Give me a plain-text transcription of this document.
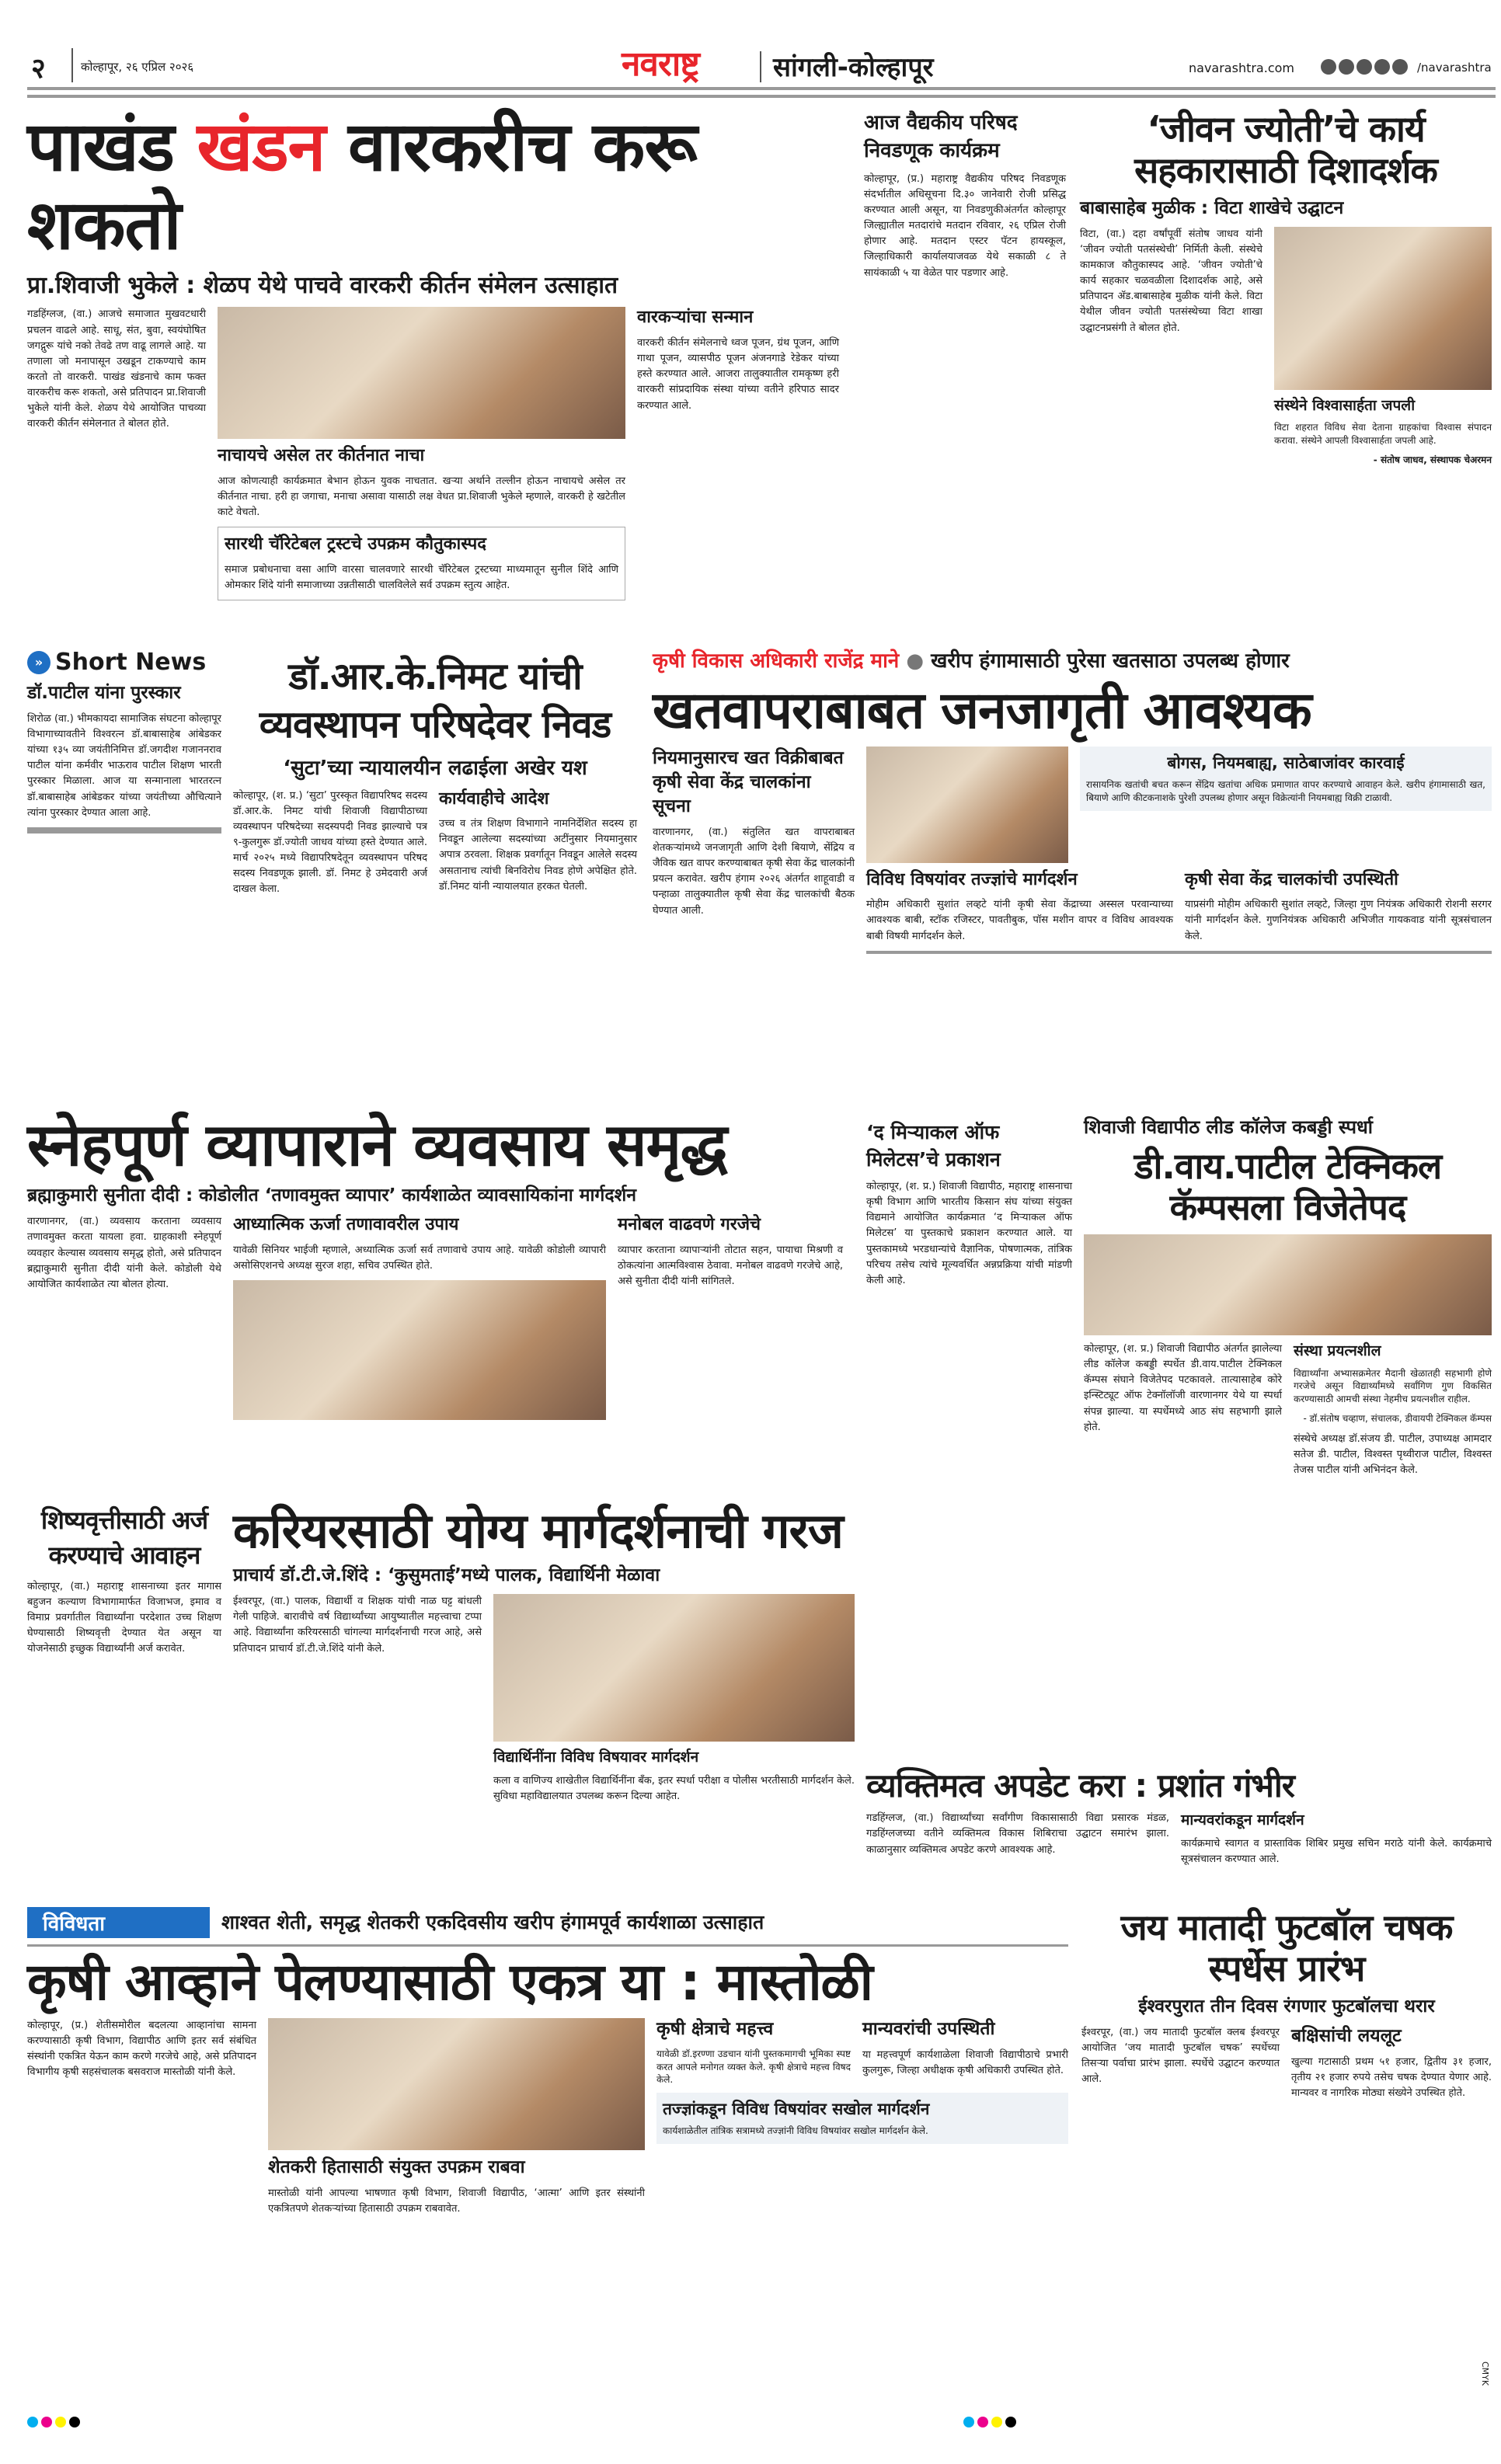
२	कोल्हापूर, २६ एप्रिल २०२६	नवराष्ट्र	सांगली-कोल्हापूर	navarashtra.com	/navarashtra
पाखंड खंडन वारकरीच करू शकतो
प्रा.शिवाजी भुकेले : शेळप येथे पाचवे वारकरी कीर्तन संमेलन उत्साहात
गडहिंग्लज, (वा.) आजचे समाजात मुखवटधारी प्रचलन वाढले आहे. साधू, संत, बुवा, स्वयंघोषित जगद्गुरू यांचे नको तेवढे तण वाढू लागले आहे. या तणाला जो मनापासून उखडून टाकण्याचे काम करतो तो वारकरी. पाखंड खंडनाचे काम फक्त वारकरीच करू शकतो, असे प्रतिपादन प्रा.शिवाजी भुकेले यांनी केले. शेळप येथे आयोजित पाचव्या वारकरी कीर्तन संमेलनात ते बोलत होते.
नाचायचे असेल तर कीर्तनात नाचा
आज कोणत्याही कार्यक्रमात बेभान होऊन युवक नाचतात. खऱ्या अर्थाने तल्लीन होऊन नाचायचे असेल तर कीर्तनात नाचा. हरी हा जगाचा, मनाचा असावा यासाठी लक्ष वेधत प्रा.शिवाजी भुकेले म्हणाले, वारकरी हे खटेतील काटे वेचतो.
सारथी चॅरिटेबल ट्रस्टचे उपक्रम कौतुकास्पद
समाज प्रबोधनाचा वसा आणि वारसा चालवणारे सारथी चॅरिटेबल ट्रस्टच्या माध्यमातून सुनील शिंदे आणि ओमकार शिंदे यांनी समाजाच्या उन्नतीसाठी चालविलेले सर्व उपक्रम स्तुत्य आहेत.
वारकऱ्यांचा सन्मान
वारकरी कीर्तन संमेलनाचे ध्वज पूजन, ग्रंथ पूजन, आणि गाथा पूजन, व्यासपीठ पूजन अंजनगाडे रेडेकर यांच्या हस्ते करण्यात आले. आजरा तालुक्यातील रामकृष्ण हरी वारकरी सांप्रदायिक संस्था यांच्या वतीने हरिपाठ सादर करण्यात आले.
आज वैद्यकीय परिषद निवडणूक कार्यक्रम
कोल्हापूर, (प्र.) महाराष्ट्र वैद्यकीय परिषद निवडणूक संदर्भातील अधिसूचना दि.३० जानेवारी रोजी प्रसिद्ध करण्यात आली असून, या निवडणुकीअंतर्गत कोल्हापूर जिल्ह्यातील मतदारांचे मतदान रविवार, २६ एप्रिल रोजी होणार आहे. मतदान एस्टर पॅटन हायस्कूल, जिल्हाधिकारी कार्यालयाजवळ येथे सकाळी ८ ते सायंकाळी ५ या वेळेत पार पडणार आहे.
‘जीवन ज्योती’चे कार्य सहकारासाठी दिशादर्शक
बाबासाहेब मुळीक : विटा शाखेचे उद्घाटन
विटा, (वा.) दहा वर्षांपूर्वी संतोष जाधव यांनी ‘जीवन ज्योती पतसंस्थेची’ निर्मिती केली. संस्थेचे कामकाज कौतुकास्पद आहे. ‘जीवन ज्योती’चे कार्य सहकार चळवळीला दिशादर्शक आहे, असे प्रतिपादन ॲड.बाबासाहेब मुळीक यांनी केले. विटा येथील जीवन ज्योती पतसंस्थेच्या विटा शाखा उद्घाटनप्रसंगी ते बोलत होते.
संस्थेने विश्वासार्हता जपली
विटा शहरात विविध सेवा देताना ग्राहकांचा विश्वास संपादन करावा. संस्थेने आपली विश्वासार्हता जपली आहे.
- संतोष जाधव, संस्थापक चेअरमन
» Short News
डॉ.पाटील यांना पुरस्कार
शिरोळ (वा.) भीमकायदा सामाजिक संघटना कोल्हापूर विभागाच्यावतीने विश्वरत्न डॉ.बाबासाहेब आंबेडकर यांच्या १३५ व्या जयंतीनिमित्त डॉ.जगदीश गजाननराव पाटील यांना कर्मवीर भाऊराव पाटील शिक्षण भारती पुरस्कार मिळाला. आज या सन्मानाला भारतरत्न डॉ.बाबासाहेब आंबेडकर यांच्या जयंतीच्या औचित्याने त्यांना पुरस्कार देण्यात आला आहे.
डॉ.आर.के.निमट यांची व्यवस्थापन परिषदेवर निवड
‘सुटा’च्या न्यायालयीन लढाईला अखेर यश
कोल्हापूर, (श. प्र.) ‘सुटा’ पुरस्कृत विद्यापरिषद सदस्य डॉ.आर.के. निमट यांची शिवाजी विद्यापीठाच्या व्यवस्थापन परिषदेच्या सदस्यपदी निवड झाल्याचे पत्र ९-कुलगुरू डॉ.ज्योती जाधव यांच्या हस्ते देण्यात आले. मार्च २०२५ मध्ये विद्यापरिषदेतून व्यवस्थापन परिषद सदस्य निवडणूक झाली. डॉ. निमट हे उमेदवारी अर्ज दाखल केला.
कार्यवाहीचे आदेश
उच्च व तंत्र शिक्षण विभागाने नामनिर्देशित सदस्य हा निवडून आलेल्या सदस्यांच्या अटींनुसार नियमानुसार अपात्र ठरवला. शिक्षक प्रवर्गातून निवडून आलेले सदस्य असतानाच त्यांची बिनविरोध निवड होणे अपेक्षित होते. डॉ.निमट यांनी न्यायालयात हरकत घेतली.
कृषी विकास अधिकारी राजेंद्र माने ● खरीप हंगामासाठी पुरेसा खतसाठा उपलब्ध होणार
खतवापराबाबत जनजागृती आवश्यक
नियमानुसारच खत विक्रीबाबत कृषी सेवा केंद्र चालकांना सूचना
वारणानगर, (वा.) संतुलित खत वापराबाबत शेतकऱ्यांमध्ये जनजागृती आणि देशी बियाणे, सेंद्रिय व जैविक खत वापर करण्याबाबत कृषी सेवा केंद्र चालकांनी प्रयत्न करावेत. खरीप हंगाम २०२६ अंतर्गत शाहूवाडी व पन्हाळा तालुक्यातील कृषी सेवा केंद्र चालकांची बैठक घेण्यात आली.
बोगस, नियमबाह्य, साठेबाजांवर कारवाई
रासायनिक खतांची बचत करून सेंद्रिय खतांचा अधिक प्रमाणात वापर करण्याचे आवाहन केले. खरीप हंगामासाठी खत, बियाणे आणि कीटकनाशके पुरेशी उपलब्ध होणार असून विक्रेत्यांनी नियमबाह्य विक्री टाळावी.
विविध विषयांवर तज्ज्ञांचे मार्गदर्शन
मोहीम अधिकारी सुशांत लव्हटे यांनी कृषी सेवा केंद्राच्या अस्सल परवान्याच्या आवश्यक बाबी, स्टॉक रजिस्टर, पावतीबुक, पॉस मशीन वापर व विविध आवश्यक बाबी विषयी मार्गदर्शन केले.
कृषी सेवा केंद्र चालकांची उपस्थिती
याप्रसंगी मोहीम अधिकारी सुशांत लव्हटे, जिल्हा गुण नियंत्रक अधिकारी रोशनी सरगर यांनी मार्गदर्शन केले. गुणनियंत्रक अधिकारी अभिजीत गायकवाड यांनी सूत्रसंचालन केले.
स्नेहपूर्ण व्यापाराने व्यवसाय समृद्ध
ब्रह्माकुमारी सुनीता दीदी : कोडोलीत ‘तणावमुक्त व्यापार’ कार्यशाळेत व्यावसायिकांना मार्गदर्शन
वारणानगर, (वा.) व्यवसाय करताना व्यवसाय तणावमुक्त करता यायला हवा. ग्राहकाशी स्नेहपूर्ण व्यवहार केल्यास व्यवसाय समृद्ध होतो, असे प्रतिपादन ब्रह्माकुमारी सुनीता दीदी यांनी केले. कोडोली येथे आयोजित कार्यशाळेत त्या बोलत होत्या.
आध्यात्मिक ऊर्जा तणावावरील उपाय
यावेळी सिनियर भाईजी म्हणाले, अध्यात्मिक ऊर्जा सर्व तणावाचे उपाय आहे. यावेळी कोडोली व्यापारी असोसिएशनचे अध्यक्ष सुरज शहा, सचिव उपस्थित होते.
मनोबल वाढवणे गरजेचे
व्यापार करताना व्यापाऱ्यांनी तोटात सहन, पायाचा मिश्रणी व ठोकत्यांना आत्मविश्वास ठेवावा. मनोबल वाढवणे गरजेचे आहे, असे सुनीता दीदी यांनी सांगितले.
‘द मिर्‍याकल ऑफ मिलेटस’चे प्रकाशन
कोल्हापूर, (श. प्र.) शिवाजी विद्यापीठ, महाराष्ट्र शासनाचा कृषी विभाग आणि भारतीय किसान संघ यांच्या संयुक्त विद्यमाने आयोजित कार्यक्रमात ‘द मिर्‍याकल ऑफ मिलेटस’ या पुस्तकाचे प्रकाशन करण्यात आले. या पुस्तकामध्ये भरडधान्यांचे वैज्ञानिक, पोषणात्मक, तांत्रिक परिचय तसेच त्यांचे मूल्यवर्धित अन्नप्रक्रिया यांची मांडणी केली आहे.
शिवाजी विद्यापीठ लीड कॉलेज कबड्डी स्पर्धा
डी.वाय.पाटील टेक्निकल कॅम्पसला विजेतेपद
कोल्हापूर, (श. प्र.) शिवाजी विद्यापीठ अंतर्गत झालेल्या लीड कॉलेज कबड्डी स्पर्धेत डी.वाय.पाटील टेक्निकल कॅम्पस संघाने विजेतेपद पटकावले. तात्यासाहेब कोरे इन्स्टिट्यूट ऑफ टेक्नॉलॉजी वारणानगर येथे या स्पर्धा संपन्न झाल्या. या स्पर्धेमध्ये आठ संघ सहभागी झाले होते.
संस्था प्रयत्नशील
विद्यार्थ्यांना अभ्यासक्रमेतर मैदानी खेळातही सहभागी होणे गरजेचे असून विद्यार्थ्यांमध्ये सर्वांगिण गुण विकसित करण्यासाठी आमची संस्था नेहमीच प्रयत्नशील राहील.
- डॉ.संतोष चव्हाण, संचालक, डीवायपी टेक्निकल कॅम्पस
संस्थेचे अध्यक्ष डॉ.संजय डी. पाटील, उपाध्यक्ष आमदार सतेज डी. पाटील, विश्वस्त पृथ्वीराज पाटील, विश्वस्त तेजस पाटील यांनी अभिनंदन केले.
शिष्यवृत्तीसाठी अर्ज करण्याचे आवाहन
कोल्हापूर, (वा.) महाराष्ट्र शासनाच्या इतर मागास बहुजन कल्याण विभागामार्फत विजाभज, इमाव व विमाप्र प्रवर्गातील विद्यार्थ्यांना परदेशात उच्च शिक्षण घेण्यासाठी शिष्यवृत्ती देण्यात येत असून या योजनेसाठी इच्छुक विद्यार्थ्यांनी अर्ज करावेत.
करियरसाठी योग्य मार्गदर्शनाची गरज
प्राचार्य डॉ.टी.जे.शिंदे : ‘कुसुमताई’मध्ये पालक, विद्यार्थिनी मेळावा
ईश्वरपूर, (वा.) पालक, विद्यार्थी व शिक्षक यांची नाळ घट्ट बांधली गेली पाहिजे. बारावीचे वर्ष विद्यार्थ्यांच्या आयुष्यातील महत्त्वाचा टप्पा आहे. विद्यार्थ्यांना करियरसाठी चांगल्या मार्गदर्शनाची गरज आहे, असे प्रतिपादन प्राचार्य डॉ.टी.जे.शिंदे यांनी केले.
विद्यार्थिनींना विविध विषयावर मार्गदर्शन
कला व वाणिज्य शाखेतील विद्यार्थिनींना बँक, इतर स्पर्धा परीक्षा व पोलीस भरतीसाठी मार्गदर्शन केले. सुविधा महाविद्यालयात उपलब्ध करून दिल्या आहेत.	व्यक्तिमत्व अपडेट करा : प्रशांत गंभीर
गडहिंग्लज, (वा.) विद्यार्थ्यांच्या सर्वांगीण विकासासाठी विद्या प्रसारक मंडळ, गडहिंग्लजच्या वतीने व्यक्तिमत्व विकास शिबिराचा उद्घाटन समारंभ झाला. काळानुसार व्यक्तिमत्व अपडेट करणे आवश्यक आहे.
मान्यवरांकडून मार्गदर्शन
कार्यक्रमाचे स्वागत व प्रास्ताविक शिबिर प्रमुख सचिन मराठे यांनी केले. कार्यक्रमाचे सूत्रसंचालन करण्यात आले.
विविधता	शाश्वत शेती, समृद्ध शेतकरी एकदिवसीय खरीप हंगामपूर्व कार्यशाळा उत्साहात
कृषी आव्हाने पेलण्यासाठी एकत्र या : मास्तोळी
कोल्हापूर, (प्र.) शेतीसमोरील बदलत्या आव्हानांचा सामना करण्यासाठी कृषी विभाग, विद्यापीठ आणि इतर सर्व संबंधित संस्थांनी एकत्रित येऊन काम करणे गरजेचे आहे, असे प्रतिपादन विभागीय कृषी सहसंचालक बसवराज मास्तोळी यांनी केले.
शेतकरी हितासाठी संयुक्त उपक्रम राबवा
मास्तोळी यांनी आपल्या भाषणात कृषी विभाग, शिवाजी विद्यापीठ, ‘आत्मा’ आणि इतर संस्थांनी एकत्रितपणे शेतकऱ्यांच्या हितासाठी उपक्रम राबवावेत.
कृषी क्षेत्राचे महत्त्व
यावेळी डॉ.इरण्णा उडचान यांनी पुस्तकमागची भूमिका स्पष्ट करत आपले मनोगत व्यक्त केले. कृषी क्षेत्राचे महत्त्व विषद केले.
मान्यवरांची उपस्थिती
या महत्त्वपूर्ण कार्यशाळेला शिवाजी विद्यापीठाचे प्रभारी कुलगुरू, जिल्हा अधीक्षक कृषी अधिकारी उपस्थित होते.
तज्ज्ञांकडून विविध विषयांवर सखोल मार्गदर्शन
कार्यशाळेतील तांत्रिक सत्रामध्ये तज्ज्ञांनी विविध विषयांवर सखोल मार्गदर्शन केले.
जय मातादी फुटबॉल चषक स्पर्धेस प्रारंभ
ईश्वरपुरात तीन दिवस रंगणार फुटबॉलचा थरार
ईश्वरपूर, (वा.) जय मातादी फुटबॉल क्लब ईश्वरपूर आयोजित ‘जय मातादी फुटबॉल चषक’ स्पर्धेच्या तिसऱ्या पर्वाचा प्रारंभ झाला. स्पर्धेचे उद्घाटन करण्यात आले.
बक्षिसांची लयलूट
खुल्या गटासाठी प्रथम ५१ हजार, द्वितीय ३१ हजार, तृतीय २१ हजार रुपये तसेच चषक देण्यात येणार आहे. मान्यवर व नागरिक मोठ्या संख्येने उपस्थित होते.
CMYK
